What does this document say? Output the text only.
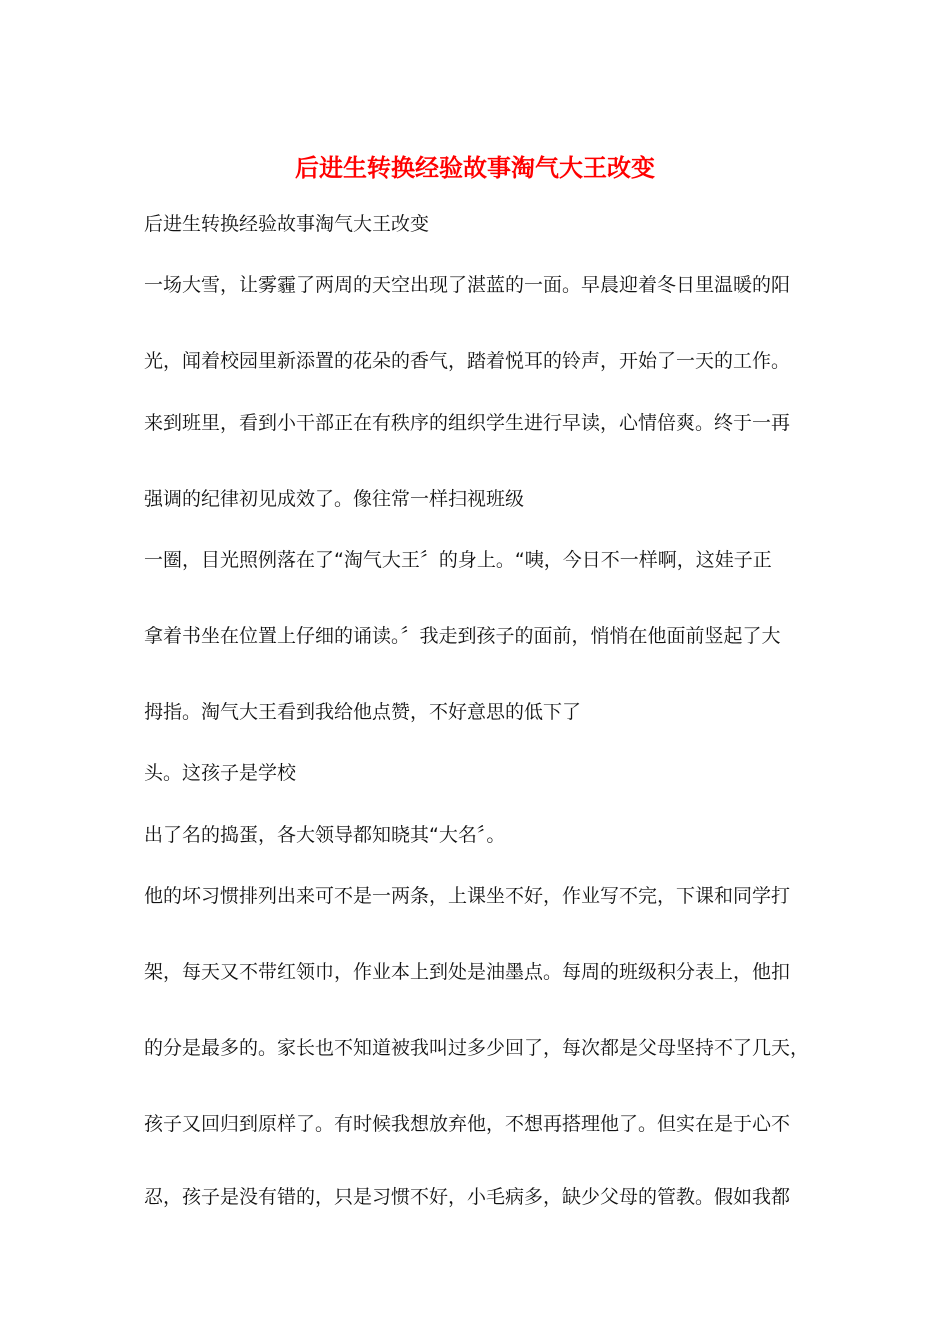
后进生转换经验故事淘气大王改变
后进生转换经验故事淘气大王改变
一场大雪，让雾霾了两周的天空出现了湛蓝的一面。早晨迎着冬日里温暖的阳
光，闻着校园里新添置的花朵的香气，踏着悦耳的铃声，开始了一天的工作。
来到班里，看到小干部正在有秩序的组织学生进行早读，心情倍爽。终于一再
强调的纪律初见成效了。像往常一样扫视班级
一圈，目光照例落在了“淘气大王〞的身上。“咦，今日不一样啊，这娃子正
拿着书坐在位置上仔细的诵读。〞我走到孩子的面前，悄悄在他面前竖起了大
拇指。淘气大王看到我给他点赞，不好意思的低下了
头。这孩子是学校
出了名的捣蛋，各大领导都知晓其“大名〞。
他的坏习惯排列出来可不是一两条，上课坐不好，作业写不完，下课和同学打
架，每天又不带红领巾，作业本上到处是油墨点。每周的班级积分表上，他扣
的分是最多的。家长也不知道被我叫过多少回了，每次都是父母坚持不了几天，
孩子又回归到原样了。有时候我想放弃他，不想再搭理他了。但实在是于心不
忍，孩子是没有错的，只是习惯不好，小毛病多，缺少父母的管教。假如我都
